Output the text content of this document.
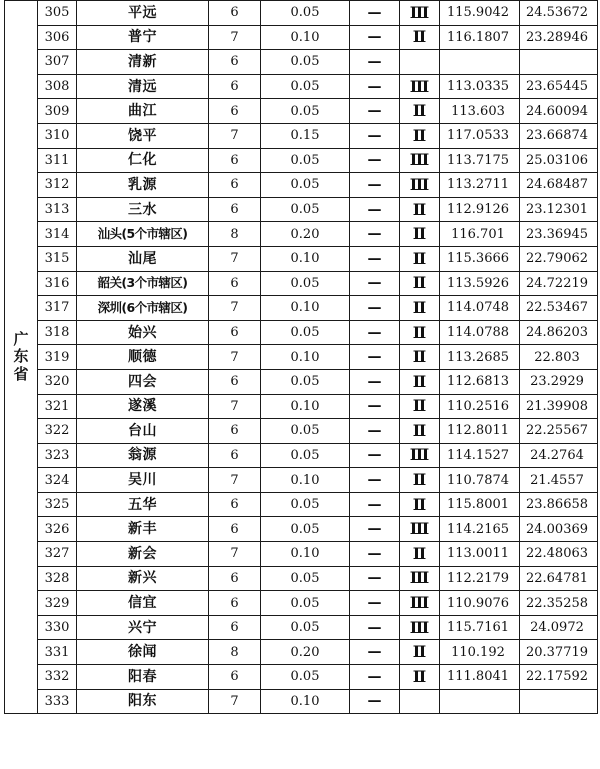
广东省	305	平远	6	0.05	—	Ⅲ	115.9042	24.53672
	306	普宁	7	0.10	—	Ⅱ	116.1807	23.28946
	307	清新	6	0.05	—			
	308	清远	6	0.05	—	Ⅲ	113.0335	23.65445
	309	曲江	6	0.05	—	Ⅱ	113.603	24.60094
	310	饶平	7	0.15	—	Ⅱ	117.0533	23.66874
	311	仁化	6	0.05	—	Ⅲ	113.7175	25.03106
	312	乳源	6	0.05	—	Ⅲ	113.2711	24.68487
	313	三水	6	0.05	—	Ⅱ	112.9126	23.12301
	314	汕头(5个市辖区)	8	0.20	—	Ⅱ	116.701	23.36945
	315	汕尾	7	0.10	—	Ⅱ	115.3666	22.79062
	316	韶关(3个市辖区)	6	0.05	—	Ⅱ	113.5926	24.72219
	317	深圳(6个市辖区)	7	0.10	—	Ⅱ	114.0748	22.53467
	318	始兴	6	0.05	—	Ⅱ	114.0788	24.86203
	319	顺德	7	0.10	—	Ⅱ	113.2685	22.803
	320	四会	6	0.05	—	Ⅱ	112.6813	23.2929
	321	遂溪	7	0.10	—	Ⅱ	110.2516	21.39908
	322	台山	6	0.05	—	Ⅱ	112.8011	22.25567
	323	翁源	6	0.05	—	Ⅲ	114.1527	24.2764
	324	吴川	7	0.10	—	Ⅱ	110.7874	21.4557
	325	五华	6	0.05	—	Ⅱ	115.8001	23.86658
	326	新丰	6	0.05	—	Ⅲ	114.2165	24.00369
	327	新会	7	0.10	—	Ⅱ	113.0011	22.48063
	328	新兴	6	0.05	—	Ⅲ	112.2179	22.64781
	329	信宜	6	0.05	—	Ⅲ	110.9076	22.35258
	330	兴宁	6	0.05	—	Ⅲ	115.7161	24.0972
	331	徐闻	8	0.20	—	Ⅱ	110.192	20.37719
	332	阳春	6	0.05	—	Ⅱ	111.8041	22.17592
	333	阳东	7	0.10	—			
